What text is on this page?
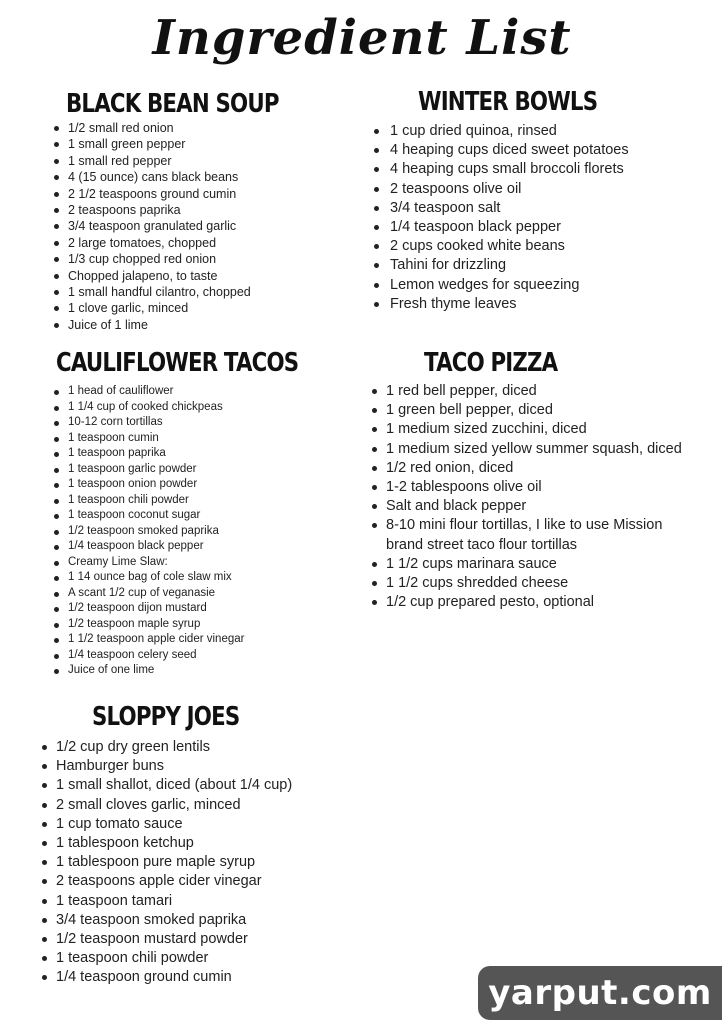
Ingredient List
BLACK BEAN SOUP
1/2 small red onion
1 small green pepper
1 small red pepper
4 (15 ounce) cans black beans
2 1/2 teaspoons ground cumin
2 teaspoons paprika
3/4 teaspoon granulated garlic
2 large tomatoes, chopped
1/3 cup chopped red onion
Chopped jalapeno, to taste
1 small handful cilantro, chopped
1 clove garlic, minced
Juice of 1 lime
WINTER BOWLS
1 cup dried quinoa, rinsed
4 heaping cups diced sweet potatoes
4 heaping cups small broccoli florets
2 teaspoons olive oil
3/4 teaspoon salt
1/4 teaspoon black pepper
2 cups cooked white beans
Tahini for drizzling
Lemon wedges for squeezing
Fresh thyme leaves
CAULIFLOWER TACOS
1 head of cauliflower
1 1/4 cup of cooked chickpeas
10-12 corn tortillas
1 teaspoon cumin
1 teaspoon paprika
1 teaspoon garlic powder
1 teaspoon onion powder
1 teaspoon chili powder
1 teaspoon coconut sugar
1/2 teaspoon smoked paprika
1/4 teaspoon black pepper
Creamy Lime Slaw:
1 14 ounce bag of cole slaw mix
A scant 1/2 cup of veganasie
1/2 teaspoon dijon mustard
1/2 teaspoon maple syrup
1 1/2 teaspoon apple cider vinegar
1/4 teaspoon celery seed
Juice of one lime
TACO PIZZA
1 red bell pepper, diced
1 green bell pepper, diced
1 medium sized zucchini, diced
1 medium sized yellow summer squash, diced
1/2 red onion, diced
1-2 tablespoons olive oil
Salt and black pepper
8-10 mini flour tortillas, I like to use Mission
brand street taco flour tortillas
1 1/2 cups marinara sauce
1 1/2 cups shredded cheese
1/2 cup prepared pesto, optional
SLOPPY JOES
1/2 cup dry green lentils
Hamburger buns
1 small shallot, diced (about 1/4 cup)
2 small cloves garlic, minced
1 cup tomato sauce
1 tablespoon ketchup
1 tablespoon pure maple syrup
2 teaspoons apple cider vinegar
1 teaspoon tamari
3/4 teaspoon smoked paprika
1/2 teaspoon mustard powder
1 teaspoon chili powder
1/4 teaspoon ground cumin	yarput.com
